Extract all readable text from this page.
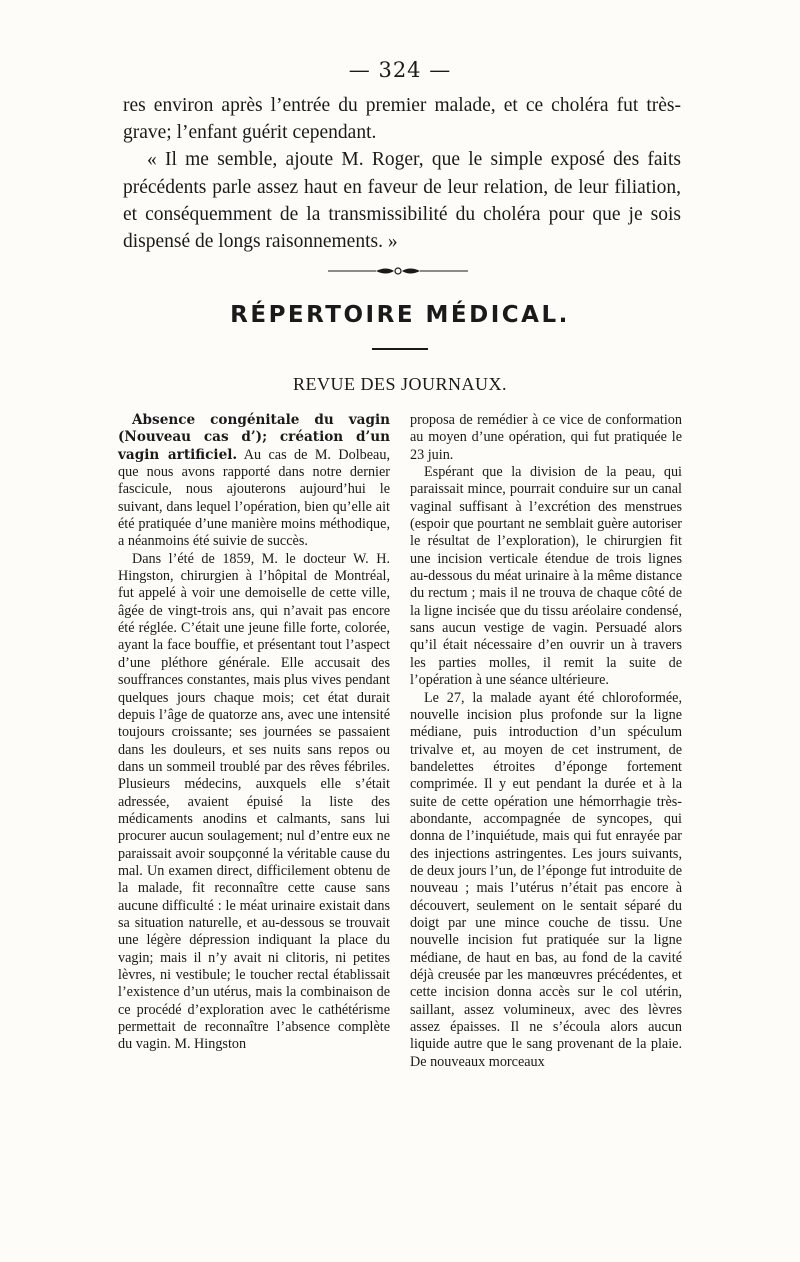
— 324 —

res environ après l’entrée du premier malade, et ce choléra fut très-grave; l’enfant guérit cependant.

« Il me semble, ajoute M. Roger, que le simple exposé des faits précédents parle assez haut en faveur de leur relation, de leur filiation, et conséquemment de la transmissibilité du choléra pour que je sois dispensé de longs raisonnements. »

RÉPERTOIRE MÉDICAL.
REVUE DES JOURNAUX.

Absence congénitale du vagin (Nouveau cas d’); création d’un vagin artificiel. Au cas de M. Dolbeau, que nous avons rapporté dans notre dernier fascicule, nous ajouterons aujourd’hui le suivant, dans lequel l’opération, bien qu’elle ait été pratiquée d’une manière moins méthodique, a néanmoins été suivie de succès.

Dans l’été de 1859, M. le docteur W. H. Hingston, chirurgien à l’hôpital de Montréal, fut appelé à voir une demoiselle de cette ville, âgée de vingt-trois ans, qui n’avait pas encore été réglée. C’était une jeune fille forte, colorée, ayant la face bouffie, et présentant tout l’aspect d’une pléthore générale. Elle accusait des souffrances constantes, mais plus vives pendant quelques jours chaque mois; cet état durait depuis l’âge de quatorze ans, avec une intensité toujours croissante; ses journées se passaient dans les douleurs, et ses nuits sans repos ou dans un sommeil troublé par des rêves fébriles. Plusieurs médecins, auxquels elle s’était adressée, avaient épuisé la liste des médicaments anodins et calmants, sans lui procurer aucun soulagement; nul d’entre eux ne paraissait avoir soupçonné la véritable cause du mal. Un examen direct, difficilement obtenu de la malade, fit reconnaître cette cause sans aucune difficulté : le méat urinaire existait dans sa situation naturelle, et au-dessous se trouvait une légère dépression indiquant la place du vagin; mais il n’y avait ni clitoris, ni petites lèvres, ni vestibule; le toucher rectal établissait l’existence d’un utérus, mais la combinaison de ce procédé d’exploration avec le cathétérisme permettait de reconnaître l’absence complète du vagin. M. Hingston

proposa de remédier à ce vice de conformation au moyen d’une opération, qui fut pratiquée le 23 juin.

Espérant que la division de la peau, qui paraissait mince, pourrait conduire sur un canal vaginal suffisant à l’excrétion des menstrues (espoir que pourtant ne semblait guère autoriser le résultat de l’exploration), le chirurgien fit une incision verticale étendue de trois lignes au-dessous du méat urinaire à la même distance du rectum ; mais il ne trouva de chaque côté de la ligne incisée que du tissu aréolaire condensé, sans aucun vestige de vagin. Persuadé alors qu’il était nécessaire d’en ouvrir un à travers les parties molles, il remit la suite de l’opération à une séance ultérieure.

Le 27, la malade ayant été chloroformée, nouvelle incision plus profonde sur la ligne médiane, puis introduction d’un spéculum trivalve et, au moyen de cet instrument, de bandelettes étroites d’éponge fortement comprimée. Il y eut pendant la durée et à la suite de cette opération une hémorrhagie très-abondante, accompagnée de syncopes, qui donna de l’inquiétude, mais qui fut enrayée par des injections astringentes. Les jours suivants, de deux jours l’un, de l’éponge fut introduite de nouveau ; mais l’utérus n’était pas encore à découvert, seulement on le sentait séparé du doigt par une mince couche de tissu. Une nouvelle incision fut pratiquée sur la ligne médiane, de haut en bas, au fond de la cavité déjà creusée par les manœuvres précédentes, et cette incision donna accès sur le col utérin, saillant, assez volumineux, avec des lèvres assez épaisses. Il ne s’écoula alors aucun liquide autre que le sang provenant de la plaie. De nouveaux morceaux
